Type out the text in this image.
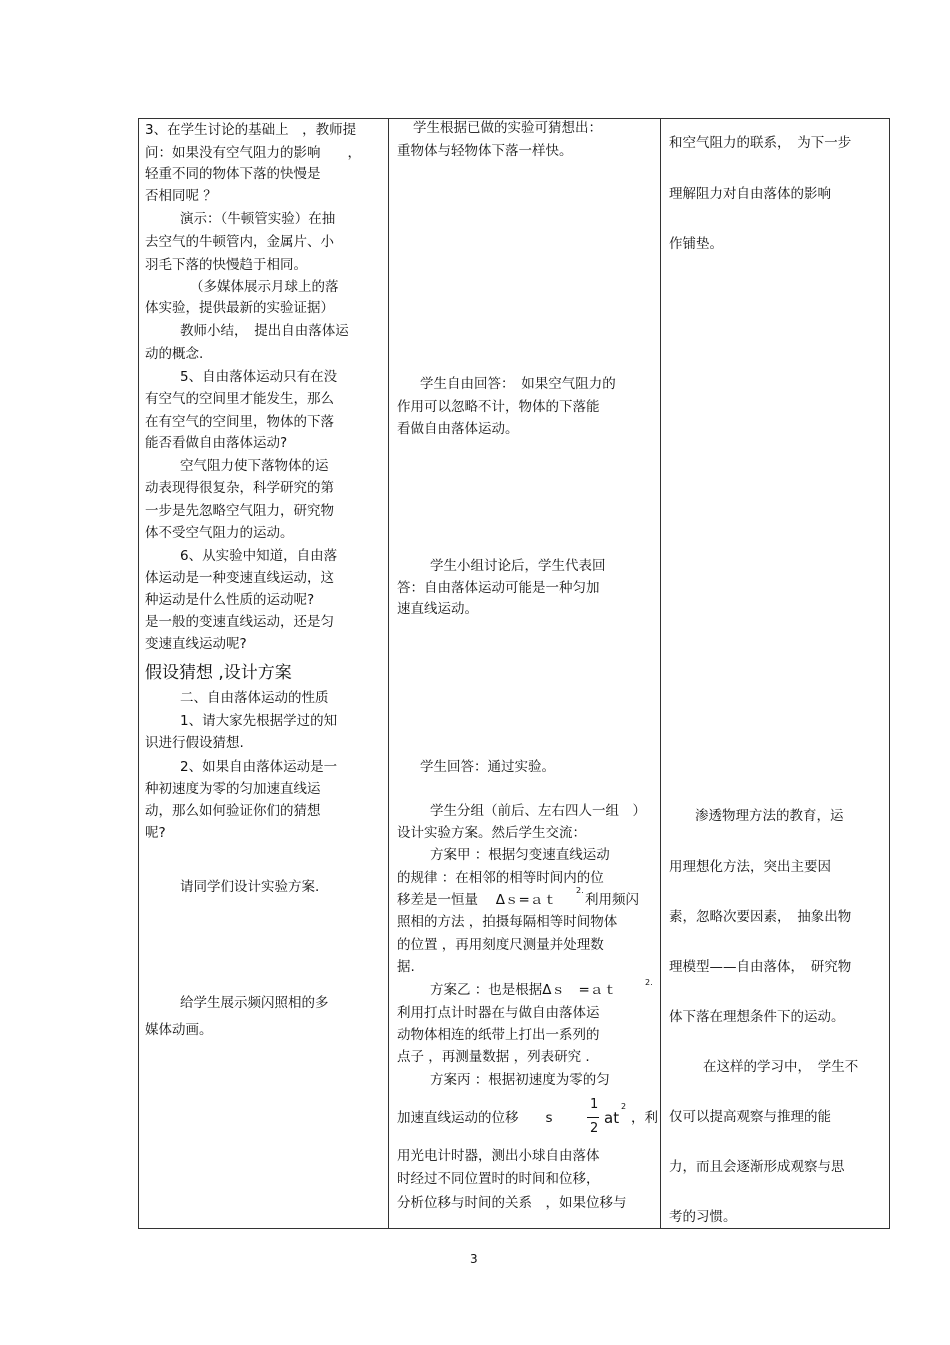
3、在学生讨论的基础上　，教师提
问：如果没有空气阻力的影响　　，
轻重不同的物体下落的快慢是
否相同呢 ？
演示：（牛顿管实验）在抽
去空气的牛顿管内，金属片、小
羽毛下落的快慢趋于相同。
（多媒体展示月球上的落
体实验，提供最新的实验证据）
教师小结，　提出自由落体运
动的概念.
5、自由落体运动只有在没
有空气的空间里才能发生，那么
在有空气的空间里，物体的下落
能否看做自由落体运动?
空气阻力使下落物体的运
动表现得很复杂，科学研究的第
一步是先忽略空气阻力，研究物
体不受空气阻力的运动。
6、从实验中知道，自由落
体运动是一种变速直线运动，这
种运动是什么性质的运动呢?
是一般的变速直线运动，还是匀
变速直线运动呢?
假设猜想 ,设计方案
二、自由落体运动的性质
1、请大家先根据学过的知
识进行假设猜想.
2、如果自由落体运动是一
种初速度为零的匀加速直线运
动，那么如何验证你们的猜想
呢?
请同学们设计实验方案.
给学生展示频闪照相的多
媒体动画。
学生根据已做的实验可猜想出：
重物体与轻物体下落一样快。
学生自由回答：　如果空气阻力的
作用可以忽略不计，物体的下落能
看做自由落体运动。
学生小组讨论后，学生代表回
答：自由落体运动可能是一种匀加
速直线运动。
学生回答：通过实验。
学生分组（前后、左右四人一组　）
设计实验方案。然后学生交流：
方案甲 ：根据匀变速直线运动
的规律 ：在相邻的相等时间内的位
移差是一恒量　 Δｓ=ａｔ
2.
利用频闪
照相的方法 ，拍摄每隔相等时间物体
的位置 ，再用刻度尺测量并处理数
据.
方案乙 ：也是根据Δｓ　=ａｔ	2.
利用打点计时器在与做自由落体运
动物体相连的纸带上打出一系列的
点子 ，再测量数据 ，列表研究 .
方案丙 ：根据初速度为零的匀
加速直线运动的位移　　s
1
2
at
2
，利
用光电计时器，测出小球自由落体
时经过不同位置时的时间和位移，
分析位移与时间的关系　，如果位移与
和空气阻力的联系，　为下一步
理解阻力对自由落体的影响
作铺垫。
渗透物理方法的教育，运
用理想化方法，突出主要因
素，忽略次要因素，　抽象出物
理模型——自由落体，　研究物
体下落在理想条件下的运动。
在这样的学习中，　学生不
仅可以提高观察与推理的能
力，而且会逐渐形成观察与思
考的习惯。
3
